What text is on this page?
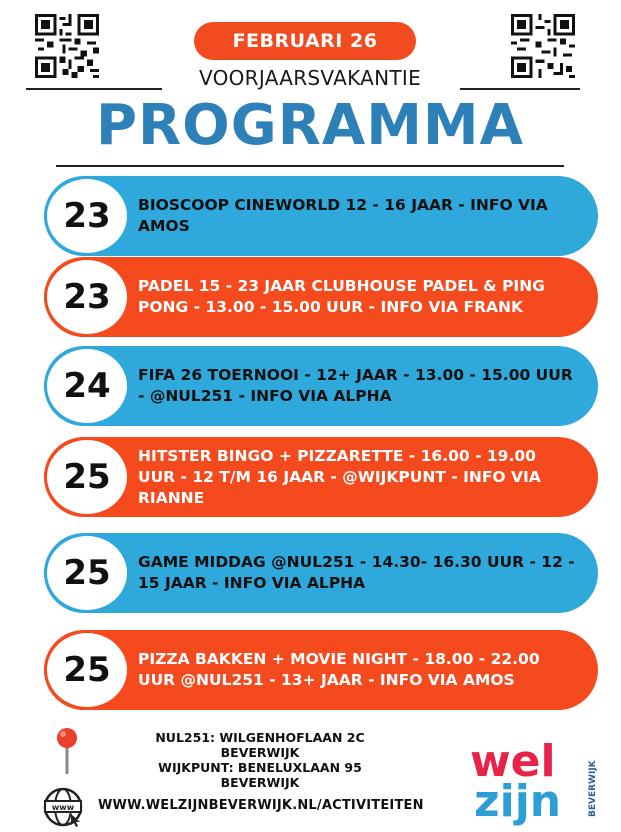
FEBRUARI 26
VOORJAARSVAKANTIE
PROGRAMMA
23 BIOSCOOP CINEWORLD 12 - 16 JAAR - INFO VIA AMOS
23 PADEL 15 - 23 JAAR CLUBHOUSE PADEL & PING PONG - 13.00 - 15.00 UUR - INFO VIA FRANK
24 FIFA 26 TOERNOOI - 12+ JAAR - 13.00 - 15.00 UUR - @NUL251 - INFO VIA ALPHA
25
HITSTER BINGO + PIZZARETTE - 16.00 - 19.00 UUR - 12 T/M 16 JAAR - @WIJKPUNT - INFO VIA RIANNE
25 GAME MIDDAG @NUL251 - 14.30- 16.30 UUR - 12 - 15 JAAR - INFO VIA ALPHA
25 PIZZA BAKKEN + MOVIE NIGHT - 18.00 - 22.00 UUR @NUL251 - 13+ JAAR - INFO VIA AMOS
www
NUL251: WILGENHOFLAAN 2C
BEVERWIJK
WIJKPUNT: BENELUXLAAN 95
BEVERWIJK
WWW.WELZIJNBEVERWIJK.NL/ACTIVITEITEN
wel
zijn	BEVERWIJK
